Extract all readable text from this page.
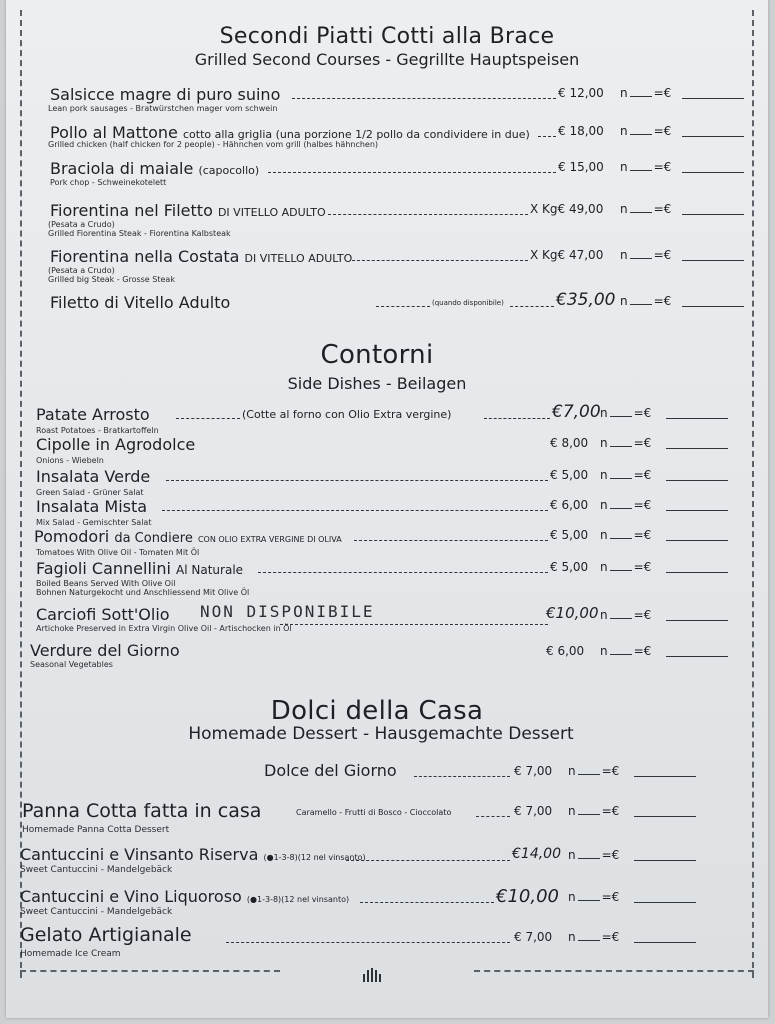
Secondi Piatti Cotti alla Brace
Grilled Second Courses - Gegrillte Hauptspeisen
Salsicce magre di puro suino
Lean pork sausages - Bratwürstchen mager vom schwein
€ 12,00 n =€
Pollo al Mattone cotto alla griglia (una porzione 1/2 pollo da condividere in due)
Grilled chicken (half chicken for 2 people) - Hähnchen vom grill (halbes hähnchen)
€ 18,00 n =€
Braciola di maiale (capocollo)
Pork chop - Schweinekotelett
€ 15,00 n =€
Fiorentina nel Filetto DI VITELLO ADULTO
(Pesata a Crudo)
Grilled Fiorentina Steak - Fiorentina Kalbsteak
X Kg€ 49,00 n =€
Fiorentina nella Costata DI VITELLO ADULTO
(Pesata a Crudo)
Grilled big Steak - Grosse Steak
X Kg€ 47,00 n =€
Filetto di Vitello Adulto	(quando disponibile)	€35,00 n =€
Contorni
Side Dishes - Beilagen
Patate Arrosto
Roast Potatoes - Bratkartoffeln
(Cotte al forno con Olio Extra vergine)	€7,00 n =€
Cipolle in Agrodolce
Onions - Wiebeln
€ 8,00 n =€
Insalata Verde
Green Salad - Grüner Salat
€ 5,00 n =€
Insalata Mista
Mix Salad - Gemischter Salat
€ 6,00 n =€
Pomodori da Condiere CON OLIO EXTRA VERGINE DI OLIVA
Tomatoes With Olive Oil - Tomaten Mit Öl
€ 5,00 n =€
Fagioli Cannellini Al Naturale
Boiled Beans Served With Olive Oil
Bohnen Naturgekocht und Anschliessend Mit Olive Öl
€ 5,00 n =€
Carciofi Sott'Olio NON DISPONIBILE
Artichoke Preserved in Extra Virgin Olive Oil - Artischocken in Öl
€10,00 n =€
Verdure del Giorno
Seasonal Vegetables
€ 6,00 n =€
Dolci della Casa
Homemade Dessert - Hausgemachte Dessert
Dolce del Giorno	€ 7,00 n =€
Panna Cotta fatta in casa	Caramello - Frutti di Bosco - Cioccolato
Homemade Panna Cotta Dessert
€ 7,00 n =€
Cantuccini e Vinsanto Riserva (●1-3-8)(12 nel vinsanto)
Sweet Cantuccini - Mandelgebäck
€14,00 n =€
Cantuccini e Vino Liquoroso (●1-3-8)(12 nel vinsanto)
Sweet Cantuccini - Mandelgebäck
€10,00 n =€
Gelato Artigianale
Homemade Ice Cream
€ 7,00 n =€
